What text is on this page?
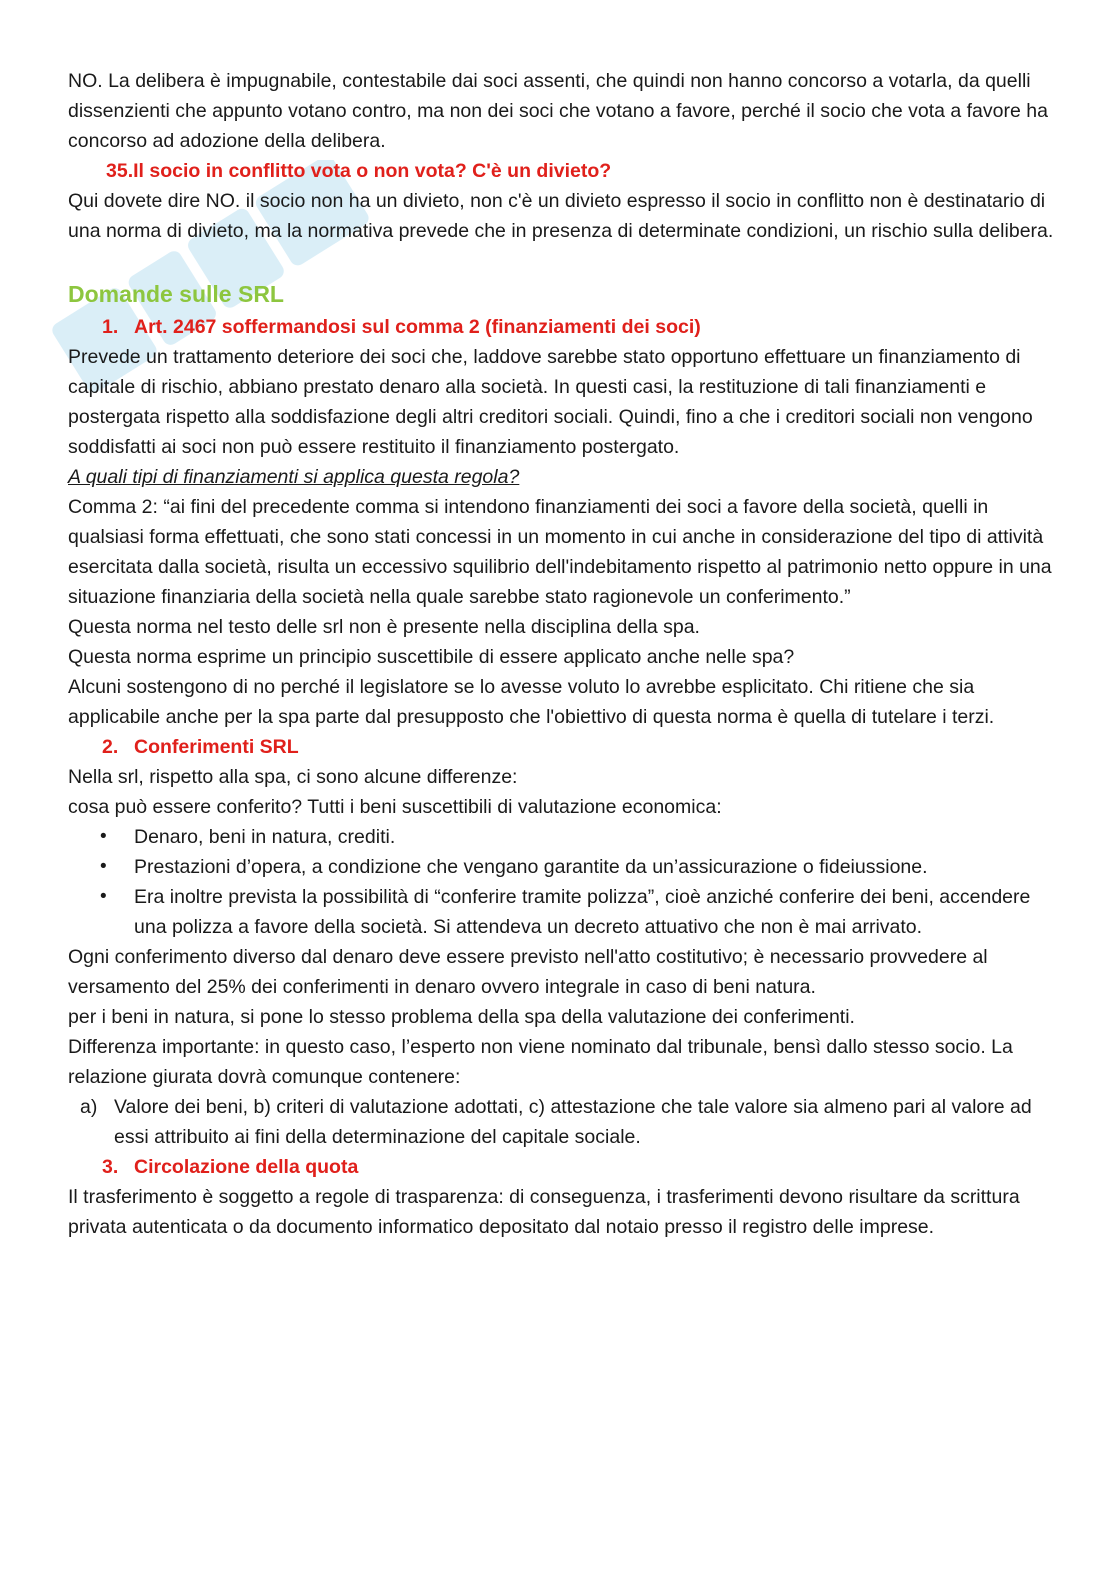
NO. La delibera è impugnabile, contestabile dai soci assenti, che quindi non hanno concorso a votarla, da quelli dissenzienti che appunto votano contro, ma non dei soci che votano a favore, perché il socio che vota a favore ha concorso ad adozione della delibera.

35.Il socio in conflitto vota o non vota? C'è un divieto?

Qui dovete dire NO. il socio non ha un divieto, non c'è un divieto espresso il socio in conflitto non è destinatario di una norma di divieto, ma la normativa prevede che in presenza di determinate condizioni, un rischio sulla delibera.

Domande sulle SRL

1. Art. 2467 soffermandosi sul comma 2 (finanziamenti dei soci)

Prevede un trattamento deteriore dei soci che, laddove sarebbe stato opportuno effettuare un finanziamento di capitale di rischio, abbiano prestato denaro alla società. In questi casi, la restituzione di tali finanziamenti e postergata rispetto alla soddisfazione degli altri creditori sociali. Quindi, fino a che i creditori sociali non vengono soddisfatti ai soci non può essere restituito il finanziamento postergato.

A quali tipi di finanziamenti si applica questa regola?

Comma 2: “ai fini del precedente comma si intendono finanziamenti dei soci a favore della società, quelli in qualsiasi forma effettuati, che sono stati concessi in un momento in cui anche in considerazione del tipo di attività esercitata dalla società, risulta un eccessivo squilibrio dell'indebitamento rispetto al patrimonio netto oppure in una situazione finanziaria della società nella quale sarebbe stato ragionevole un conferimento.”

Questa norma nel testo delle srl non è presente nella disciplina della spa.

Questa norma esprime un principio suscettibile di essere applicato anche nelle spa?

Alcuni sostengono di no perché il legislatore se lo avesse voluto lo avrebbe esplicitato. Chi ritiene che sia applicabile anche per la spa parte dal presupposto che l'obiettivo di questa norma è quella di tutelare i terzi.

2. Conferimenti SRL

Nella srl, rispetto alla spa, ci sono alcune differenze:

cosa può essere conferito? Tutti i beni suscettibili di valutazione economica:

• Denaro, beni in natura, crediti.
• Prestazioni d’opera, a condizione che vengano garantite da un’assicurazione o fideiussione.
• Era inoltre prevista la possibilità di “conferire tramite polizza”, cioè anziché conferire dei beni, accendere una polizza a favore della società. Si attendeva un decreto attuativo che non è mai arrivato.

Ogni conferimento diverso dal denaro deve essere previsto nell'atto costitutivo; è necessario provvedere al versamento del 25% dei conferimenti in denaro ovvero integrale in caso di beni natura.

per i beni in natura, si pone lo stesso problema della spa della valutazione dei conferimenti.

Differenza importante: in questo caso, l’esperto non viene nominato dal tribunale, bensì dallo stesso socio. La relazione giurata dovrà comunque contenere:

a) Valore dei beni, b) criteri di valutazione adottati, c) attestazione che tale valore sia almeno pari al valore ad essi attribuito ai fini della determinazione del capitale sociale.

3. Circolazione della quota

Il trasferimento è soggetto a regole di trasparenza: di conseguenza, i trasferimenti devono risultare da scrittura privata autenticata o da documento informatico depositato dal notaio presso il registro delle imprese.
